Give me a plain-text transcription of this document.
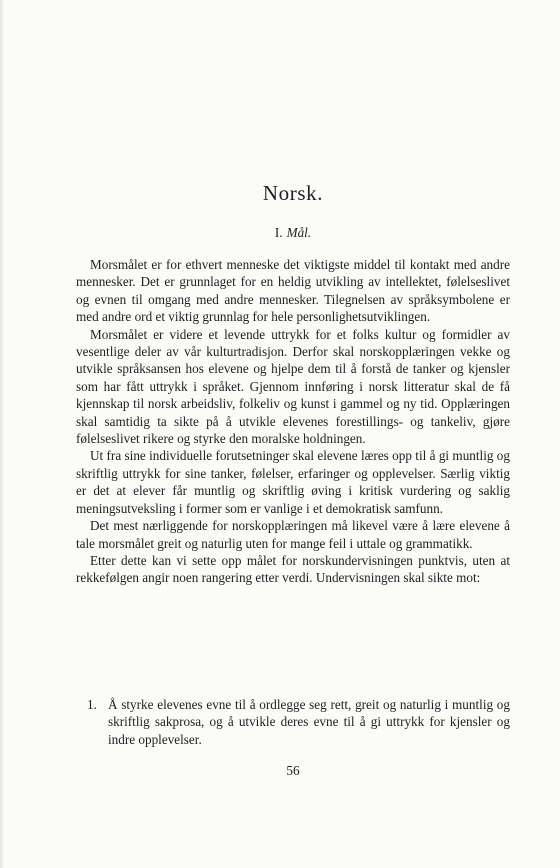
Norsk.
I. Mål.

Morsmålet er for ethvert menneske det viktigste middel til kontakt med andre mennesker. Det er grunnlaget for en heldig utvikling av intellektet, følelseslivet og evnen til omgang med andre mennesker. Tilegnelsen av språksymbolene er med andre ord et viktig grunnlag for hele personlighetsutviklingen.

Morsmålet er videre et levende uttrykk for et folks kultur og formidler av vesentlige deler av vår kulturtradisjon. Derfor skal norskopplæringen vekke og utvikle språksansen hos elevene og hjelpe dem til å forstå de tanker og kjensler som har fått uttrykk i språket. Gjennom innføring i norsk litteratur skal de få kjennskap til norsk arbeidsliv, folkeliv og kunst i gammel og ny tid. Opplæringen skal samtidig ta sikte på å utvikle elevenes forestillings- og tankeliv, gjøre følelseslivet rikere og styrke den moralske holdningen.

Ut fra sine individuelle forutsetninger skal elevene læres opp til å gi muntlig og skriftlig uttrykk for sine tanker, følelser, erfaringer og opplevelser. Særlig viktig er det at elever får muntlig og skriftlig øving i kritisk vurdering og saklig meningsutveksling i former som er vanlige i et demokratisk samfunn.

Det mest nærliggende for norskopplæringen må likevel være å lære elevene å tale morsmålet greit og naturlig uten for mange feil i uttale og grammatikk.

Etter dette kan vi sette opp målet for norskundervisningen punktvis, uten at rekkefølgen angir noen rangering etter verdi. Undervisningen skal sikte mot:

1. Å styrke elevenes evne til å ordlegge seg rett, greit og naturlig i muntlig og skriftlig sakprosa, og å utvikle deres evne til å gi uttrykk for kjensler og indre opplevelser.
56
